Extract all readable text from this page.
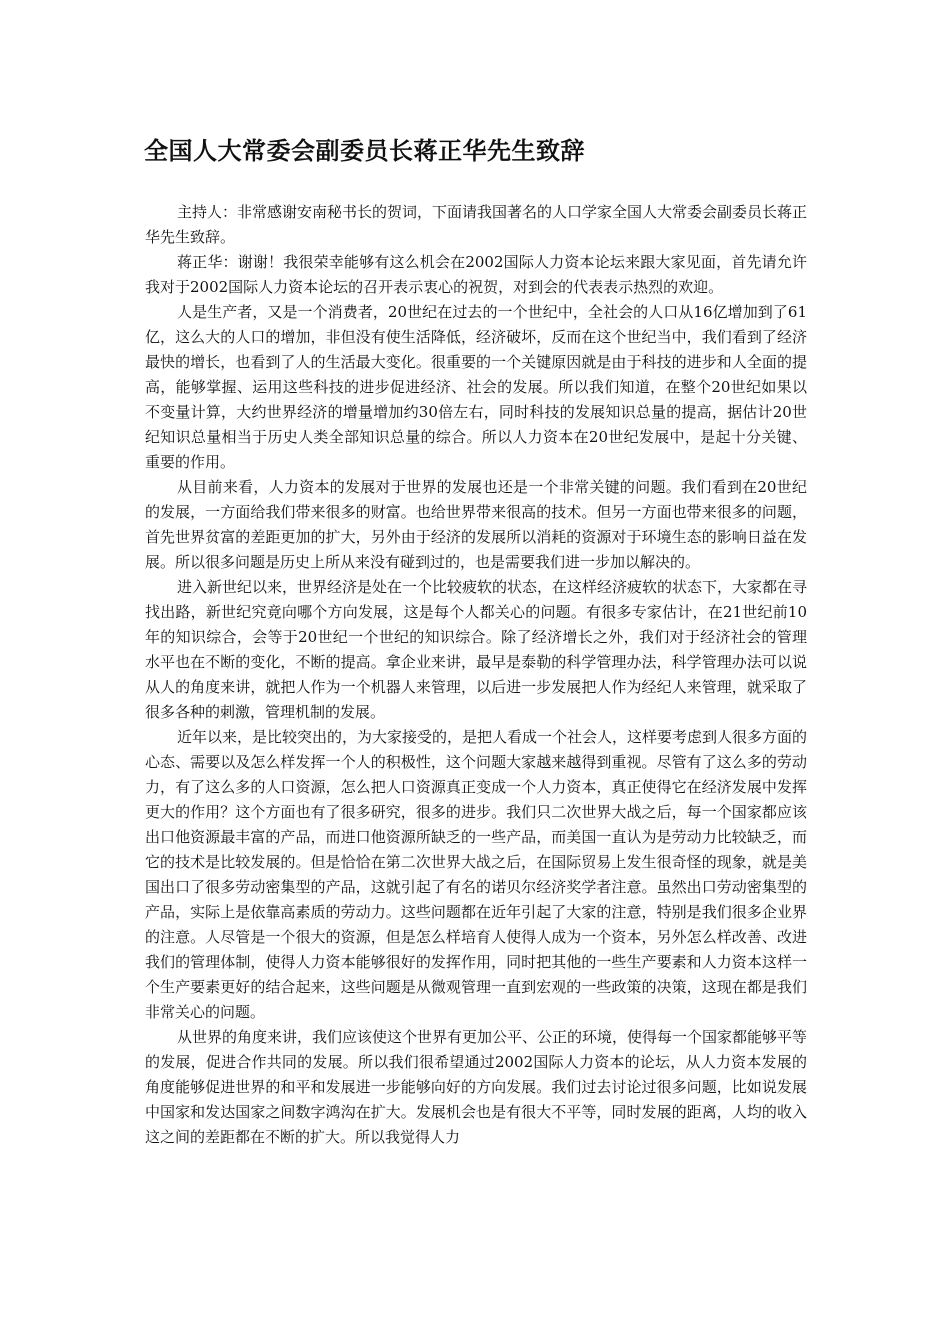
全国人大常委会副委员长蒋正华先生致辞

主持人：非常感谢安南秘书长的贺词，下面请我国著名的人口学家全国人大常委会副委员长蒋正华先生致辞。

蒋正华：谢谢！我很荣幸能够有这么机会在2002国际人力资本论坛来跟大家见面，首先请允许我对于2002国际人力资本论坛的召开表示衷心的祝贺，对到会的代表表示热烈的欢迎。

人是生产者，又是一个消费者，20世纪在过去的一个世纪中，全社会的人口从16亿增加到了61亿，这么大的人口的增加，非但没有使生活降低，经济破坏，反而在这个世纪当中，我们看到了经济最快的增长，也看到了人的生活最大变化。很重要的一个关键原因就是由于科技的进步和人全面的提高，能够掌握、运用这些科技的进步促进经济、社会的发展。所以我们知道，在整个20世纪如果以不变量计算，大约世界经济的增量增加约30倍左右，同时科技的发展知识总量的提高，据估计20世纪知识总量相当于历史人类全部知识总量的综合。所以人力资本在20世纪发展中，是起十分关键、重要的作用。

从目前来看，人力资本的发展对于世界的发展也还是一个非常关键的问题。我们看到在20世纪的发展，一方面给我们带来很多的财富。也给世界带来很高的技术。但另一方面也带来很多的问题，首先世界贫富的差距更加的扩大，另外由于经济的发展所以消耗的资源对于环境生态的影响日益在发展。所以很多问题是历史上所从来没有碰到过的，也是需要我们进一步加以解决的。

进入新世纪以来，世界经济是处在一个比较疲软的状态，在这样经济疲软的状态下，大家都在寻找出路，新世纪究竟向哪个方向发展，这是每个人都关心的问题。有很多专家估计，在21世纪前10年的知识综合，会等于20世纪一个世纪的知识综合。除了经济增长之外，我们对于经济社会的管理水平也在不断的变化，不断的提高。拿企业来讲，最早是泰勒的科学管理办法，科学管理办法可以说从人的角度来讲，就把人作为一个机器人来管理，以后进一步发展把人作为经纪人来管理，就采取了很多各种的刺激，管理机制的发展。

近年以来，是比较突出的，为大家接受的，是把人看成一个社会人，这样要考虑到人很多方面的心态、需要以及怎么样发挥一个人的积极性，这个问题大家越来越得到重视。尽管有了这么多的劳动力，有了这么多的人口资源，怎么把人口资源真正变成一个人力资本，真正使得它在经济发展中发挥更大的作用？这个方面也有了很多研究，很多的进步。我们只二次世界大战之后，每一个国家都应该出口他资源最丰富的产品，而进口他资源所缺乏的一些产品，而美国一直认为是劳动力比较缺乏，而它的技术是比较发展的。但是恰恰在第二次世界大战之后，在国际贸易上发生很奇怪的现象，就是美国出口了很多劳动密集型的产品，这就引起了有名的诺贝尔经济奖学者注意。虽然出口劳动密集型的产品，实际上是依靠高素质的劳动力。这些问题都在近年引起了大家的注意，特别是我们很多企业界的注意。人尽管是一个很大的资源，但是怎么样培育人使得人成为一个资本，另外怎么样改善、改进我们的管理体制，使得人力资本能够很好的发挥作用，同时把其他的一些生产要素和人力资本这样一个生产要素更好的结合起来，这些问题是从微观管理一直到宏观的一些政策的决策，这现在都是我们非常关心的问题。

从世界的角度来讲，我们应该使这个世界有更加公平、公正的环境，使得每一个国家都能够平等的发展，促进合作共同的发展。所以我们很希望通过2002国际人力资本的论坛，从人力资本发展的角度能够促进世界的和平和发展进一步能够向好的方向发展。我们过去讨论过很多问题，比如说发展中国家和发达国家之间数字鸿沟在扩大。发展机会也是有很大不平等，同时发展的距离，人均的收入这之间的差距都在不断的扩大。所以我觉得人力
